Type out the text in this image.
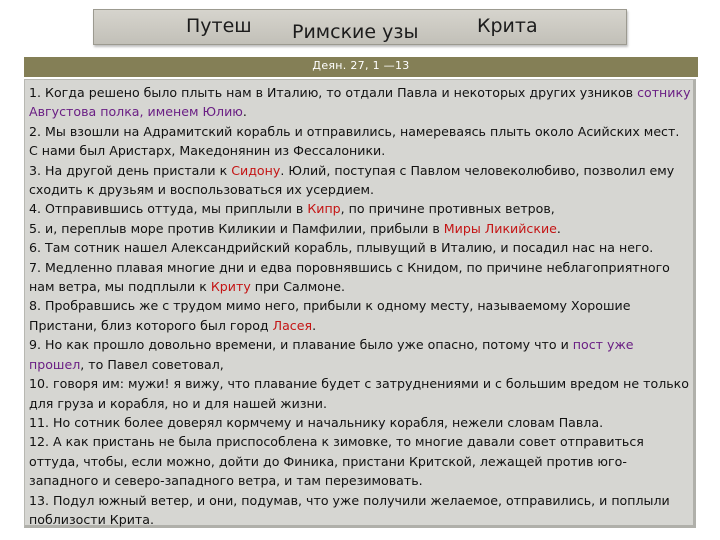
Путеш Римские узы	Крита
Деян. 27, 1 —13
1. Когда решено было плыть нам в Италию, то отдали Павла и некоторых других узников сотнику Августова полка, именем Юлию.
2. Мы взошли на Адрамитский корабль и отправились, намереваясь плыть около Асийских мест. С нами был Аристарх, Македонянин из Фессалоники.
3. На другой день пристали к Сидону. Юлий, поступая с Павлом человеколюбиво, позволил ему сходить к друзьям и воспользоваться их усердием.
4. Отправившись оттуда, мы приплыли в Кипр, по причине противных ветров,
5. и, переплыв море против Киликии и Памфилии, прибыли в Миры Ликийские.
6. Там сотник нашел Александрийский корабль, плывущий в Италию, и посадил нас на него.
7. Медленно плавая многие дни и едва поровнявшись с Книдом, по причине неблагоприятного нам ветра, мы подплыли к Криту при Салмоне.
8. Пробравшись же с трудом мимо него, прибыли к одному месту, называемому Хорошие Пристани, близ которого был город Ласея.
9. Но как прошло довольно времени, и плавание было уже опасно, потому что и пост уже прошел, то Павел советовал,
10. говоря им: мужи! я вижу, что плавание будет с затруднениями и с большим вредом не только для груза и корабля, но и для нашей жизни.
11. Но сотник более доверял кормчему и начальнику корабля, нежели словам Павла.
12. А как пристань не была приспособлена к зимовке, то многие давали совет отправиться оттуда, чтобы, если можно, дойти до Финика, пристани Критской, лежащей против юго-западного и северо-западного ветра, и там перезимовать.
13. Подул южный ветер, и они, подумав, что уже получили желаемое, отправились, и поплыли поблизости Крита.
